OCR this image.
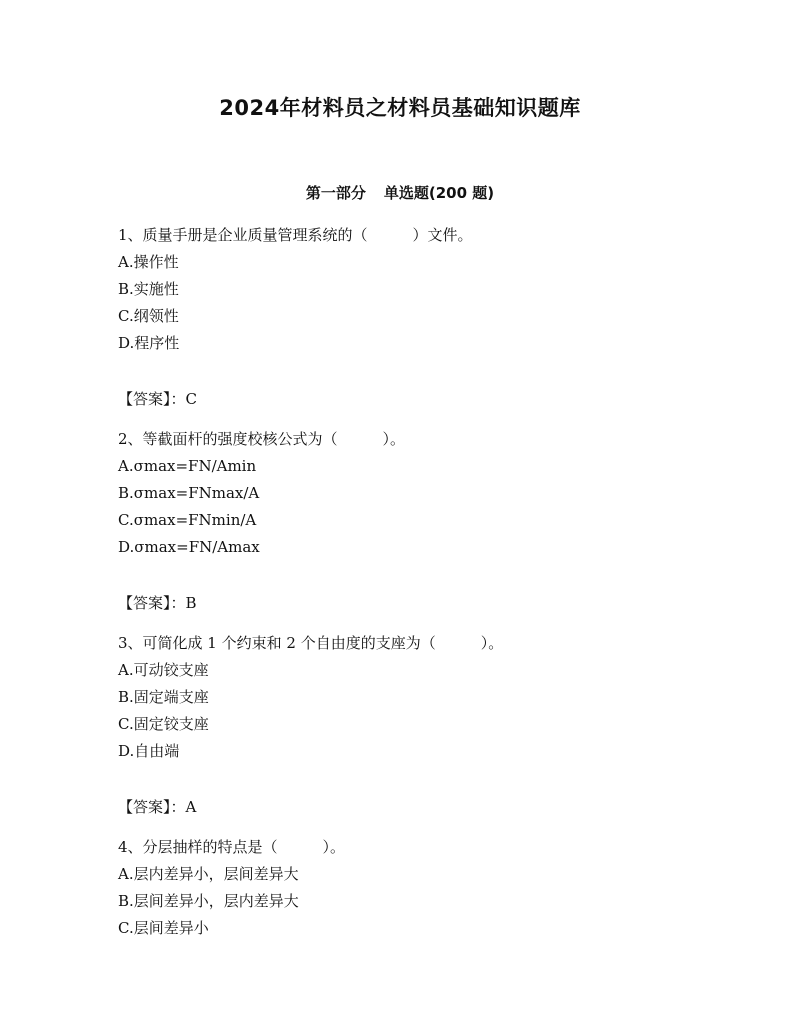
2024年材料员之材料员基础知识题库
第一部分 单选题(200 题)
1、质量手册是企业质量管理系统的（　　　）文件。
A.操作性
B.实施性
C.纲领性
D.程序性
【答案】：C
2、等截面杆的强度校核公式为（　　　）。
A.σmax=FN/Amin
B.σmax=FNmax/A
C.σmax=FNmin/A
D.σmax=FN/Amax
【答案】：B
3、可简化成 1 个约束和 2 个自由度的支座为（　　　）。
A.可动铰支座
B.固定端支座
C.固定铰支座
D.自由端
【答案】：A
4、分层抽样的特点是（　　　）。
A.层内差异小，层间差异大
B.层间差异小，层内差异大
C.层间差异小
